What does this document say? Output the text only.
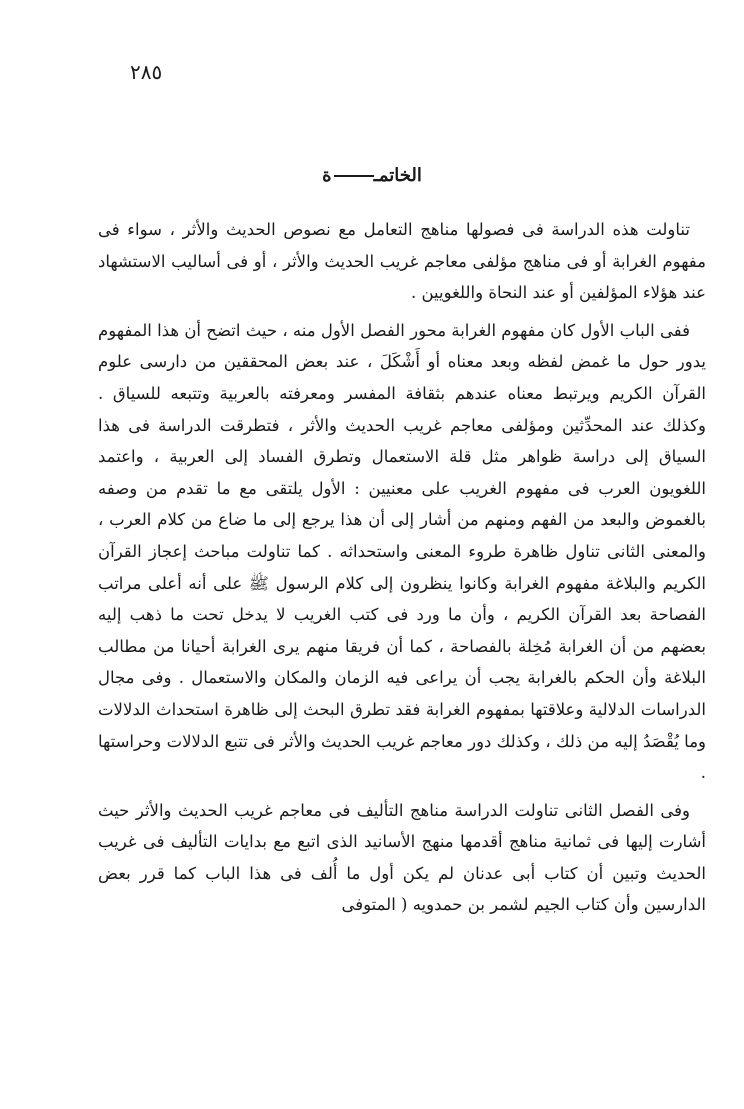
٢٨٥
الخاتمـة

تناولت هذه الدراسة فى فصولها مناهج التعامل مع نصوص الحديث والأثر ، سواء فى مفهوم الغرابة أو فى مناهج مؤلفى معاجم غريب الحديث والأثر ، أو فى أساليب الاستشهاد عند هؤلاء المؤلفين أو عند النحاة واللغويين .

ففى الباب الأول كان مفهوم الغرابة محور الفصل الأول منه ، حيث اتضح أن هذا المفهوم يدور حول ما غمض لفظه وبعد معناه أو أَشْكَلَ ، عند بعض المحققين من دارسى علوم القرآن الكريم ويرتبط معناه عندهم بثقافة المفسر ومعرفته بالعربية وتتبعه للسياق . وكذلك عند المحدِّثين ومؤلفى معاجم غريب الحديث والأثر ، فتطرقت الدراسة فى هذا السياق إلى دراسة ظواهر مثل قلة الاستعمال وتطرق الفساد إلى العربية ، واعتمد اللغويون العرب فى مفهوم الغريب على معنيين : الأول يلتقى مع ما تقدم من وصفه بالغموض والبعد من الفهم ومنهم من أشار إلى أن هذا يرجع إلى ما ضاع من كلام العرب ، والمعنى الثانى تناول ظاهرة طروء المعنى واستحداثه . كما تناولت مباحث إعجاز القرآن الكريم والبلاغة مفهوم الغرابة وكانوا ينظرون إلى كلام الرسول ﷺ على أنه أعلى مراتب الفصاحة بعد القرآن الكريم ، وأن ما ورد فى كتب الغريب لا يدخل تحت ما ذهب إليه بعضهم من أن الغرابة مُخِلة بالفصاحة ، كما أن فريقا منهم يرى الغرابة أحيانا من مطالب البلاغة وأن الحكم بالغرابة يجب أن يراعى فيه الزمان والمكان والاستعمال . وفى مجال الدراسات الدلالية وعلاقتها بمفهوم الغرابة فقد تطرق البحث إلى ظاهرة استحداث الدلالات وما يُقْصَدُ إليه من ذلك ، وكذلك دور معاجم غريب الحديث والأثر فى تتبع الدلالات وحراستها .

وفى الفصل الثانى تناولت الدراسة مناهج التأليف فى معاجم غريب الحديث والأثر حيث أشارت إليها فى ثمانية مناهج أقدمها منهج الأسانيد الذى اتبع مع بدايات التأليف فى غريب الحديث وتبين أن كتاب أبى عدنان لم يكن أول ما أُلف فى هذا الباب كما قرر بعض الدارسين وأن كتاب الجيم لشمر بن حمدويه ( المتوفى
